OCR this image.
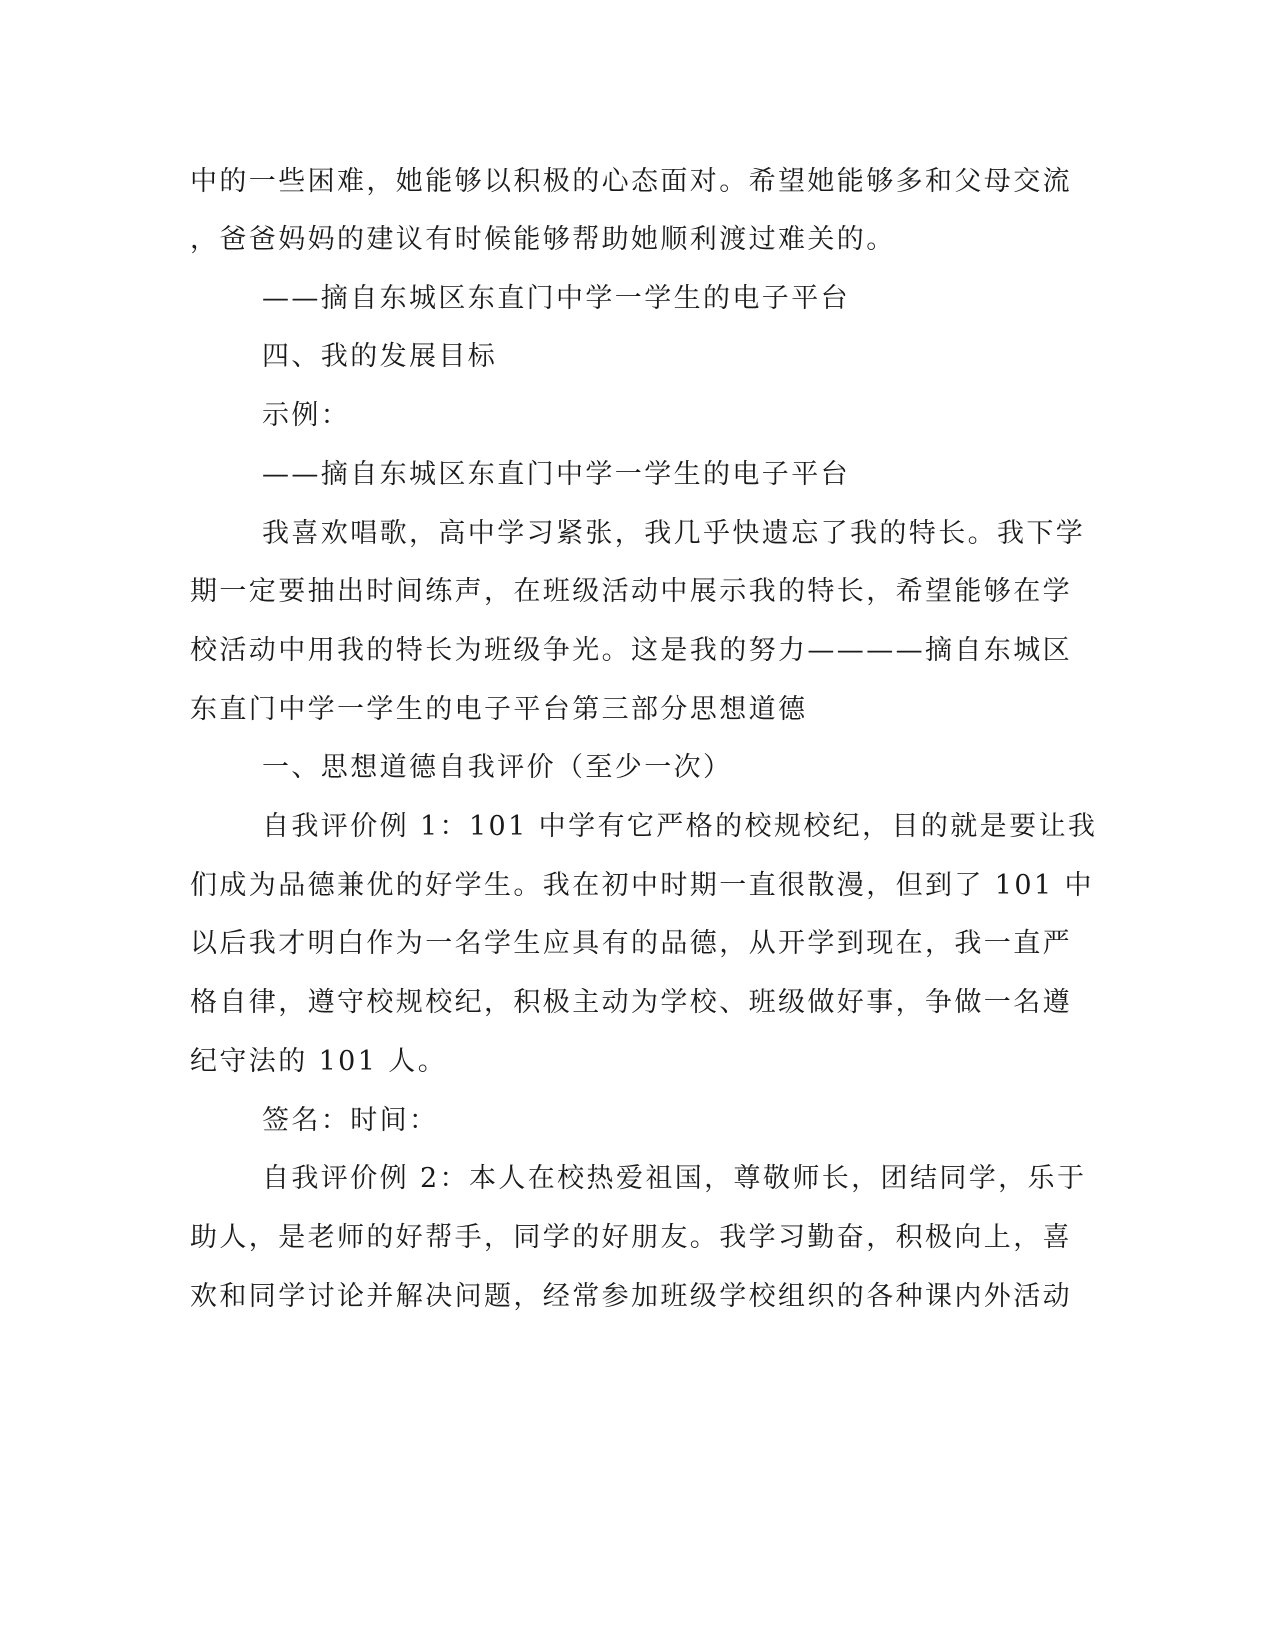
中的一些困难，她能够以积极的心态面对。希望她能够多和父母交流
，爸爸妈妈的建议有时候能够帮助她顺利渡过难关的。
——摘自东城区东直门中学一学生的电子平台
四、我的发展目标
示例：
——摘自东城区东直门中学一学生的电子平台
我喜欢唱歌，高中学习紧张，我几乎快遗忘了我的特长。我下学
期一定要抽出时间练声，在班级活动中展示我的特长，希望能够在学
校活动中用我的特长为班级争光。这是我的努力————摘自东城区
东直门中学一学生的电子平台第三部分思想道德
一、思想道德自我评价（至少一次）
自我评价例 1：101 中学有它严格的校规校纪，目的就是要让我
们成为品德兼优的好学生。我在初中时期一直很散漫，但到了 101 中
以后我才明白作为一名学生应具有的品德，从开学到现在，我一直严
格自律，遵守校规校纪，积极主动为学校、班级做好事，争做一名遵
纪守法的 101 人。
签名：时间：
自我评价例 2：本人在校热爱祖国，尊敬师长，团结同学，乐于
助人，是老师的好帮手，同学的好朋友。我学习勤奋，积极向上，喜
欢和同学讨论并解决问题，经常参加班级学校组织的各种课内外活动
